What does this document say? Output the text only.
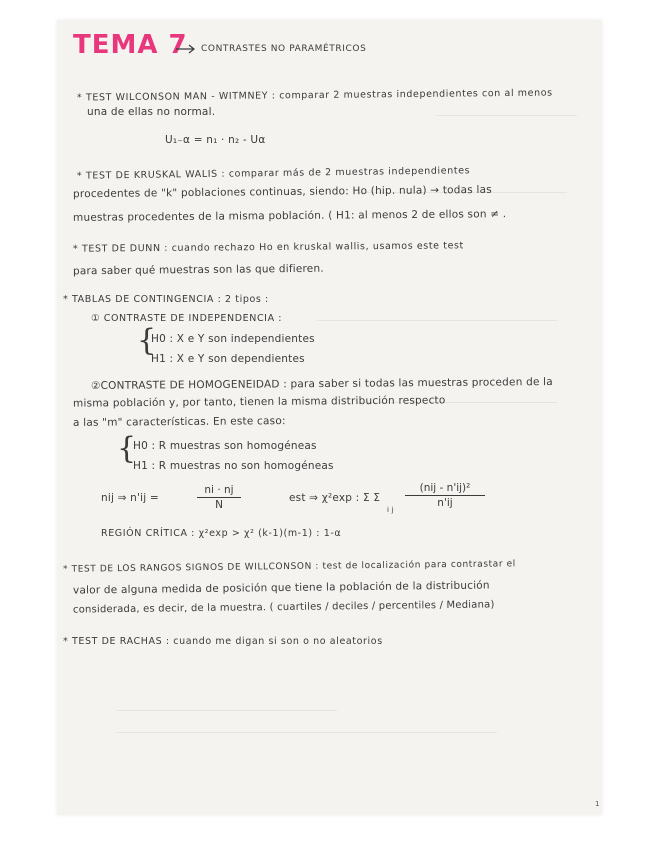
TEMA 7 CONTRASTES NO PARAMÉTRICOS
* TEST WILCONSON MAN - WITMNEY : comparar 2 muestras independientes con al menos
una de ellas no normal.
U₁₋α = n₁ · n₂ - Uα
* TEST DE KRUSKAL WALIS : comparar más de 2 muestras independientes
procedentes de "k" poblaciones continuas, siendo: Ho (hip. nula) → todas las
muestras procedentes de la misma población. ( H1: al menos 2 de ellos son ≠ .
* TEST DE DUNN : cuando rechazo Ho en kruskal wallis, usamos este test
para saber qué muestras son las que difieren.
* TABLAS DE CONTINGENCIA : 2 tipos :
① CONTRASTE DE INDEPENDENCIA :
{
H0 : X e Y son independientes
H1 : X e Y son dependientes
②CONTRASTE DE HOMOGENEIDAD : para saber si todas las muestras proceden de la
misma población y, por tanto, tienen la misma distribución respecto
a las "m" características. En este caso:
{
H0 : R muestras son homogéneas
H1 : R muestras no son homogéneas
nij ⇒ n'ij =
ni · nj
N
est ⇒ χ²exp : Σ Σ
i j
(nij - n'ij)²
n'ij
REGIÓN CRÍTICA : χ²exp > χ² (k-1)(m-1) : 1-α
* TEST DE LOS RANGOS SIGNOS DE WILLCONSON : test de localización para contrastar el
valor de alguna medida de posición que tiene la población de la distribución
considerada, es decir, de la muestra. ( cuartiles / deciles / percentiles / Mediana)
* TEST DE RACHAS : cuando me digan si son o no aleatorios
1
